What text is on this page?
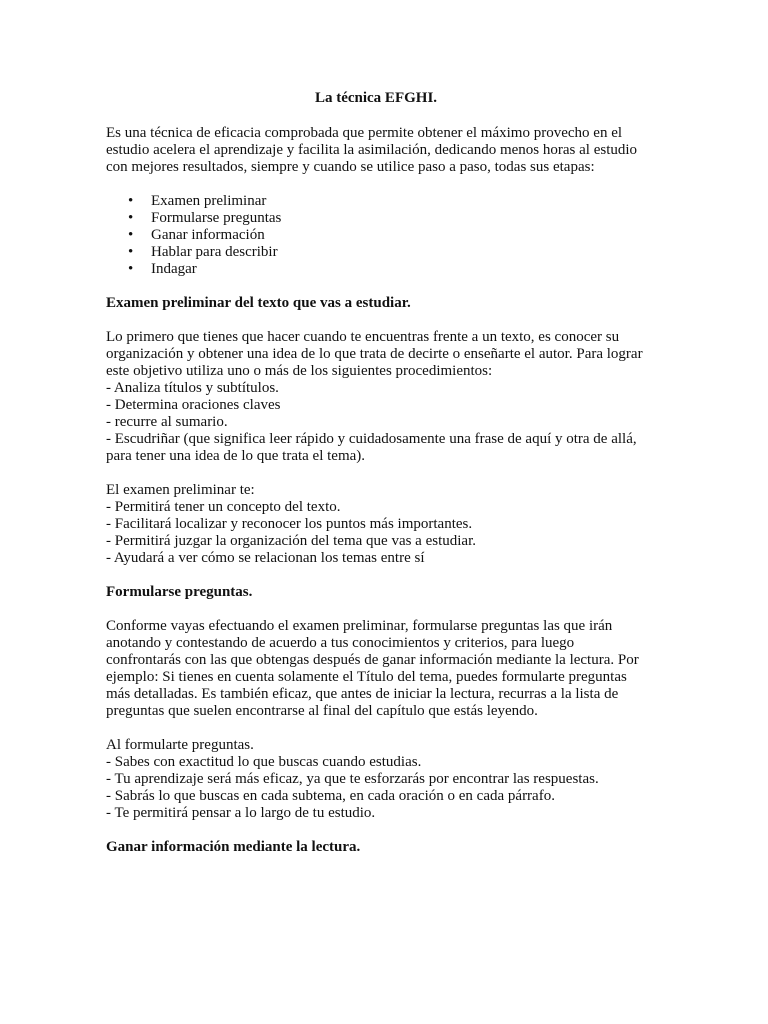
La técnica EFGHI.

Es una técnica de eficacia comprobada que permite obtener el máximo provecho en el estudio acelera el aprendizaje y facilita la asimilación, dedicando menos horas al estudio con mejores resultados, siempre y cuando se utilice paso a paso, todas sus etapas:

• Examen preliminar
• Formularse preguntas
• Ganar información
• Hablar para describir
• Indagar

Examen preliminar del texto que vas a estudiar.

Lo primero que tienes que hacer cuando te encuentras frente a un texto, es conocer su organización y obtener una idea de lo que trata de decirte o enseñarte el autor. Para lograr este objetivo utiliza uno o más de los siguientes procedimientos:

- Analiza títulos y subtítulos.
- Determina oraciones claves
- recurre al sumario.
- Escudriñar (que significa leer rápido y cuidadosamente una frase de aquí y otra de allá, para tener una idea de lo que trata el tema).
El examen preliminar te:
- Permitirá tener un concepto del texto.
- Facilitará localizar y reconocer los puntos más importantes.
- Permitirá juzgar la organización del tema que vas a estudiar.
- Ayudará a ver cómo se relacionan los temas entre sí

Formularse preguntas.

Conforme vayas efectuando el examen preliminar, formularse preguntas las que irán anotando y contestando de acuerdo a tus conocimientos y criterios, para luego confrontarás con las que obtengas después de ganar información mediante la lectura. Por ejemplo: Si tienes en cuenta solamente el Título del tema, puedes formularte preguntas más detalladas. Es también eficaz, que antes de iniciar la lectura, recurras a la lista de preguntas que suelen encontrarse al final del capítulo que estás leyendo.

Al formularte preguntas.
- Sabes con exactitud lo que buscas cuando estudias.
- Tu aprendizaje será más eficaz, ya que te esforzarás por encontrar las respuestas.
- Sabrás lo que buscas en cada subtema, en cada oración o en cada párrafo.
- Te permitirá pensar a lo largo de tu estudio.

Ganar información mediante la lectura.
